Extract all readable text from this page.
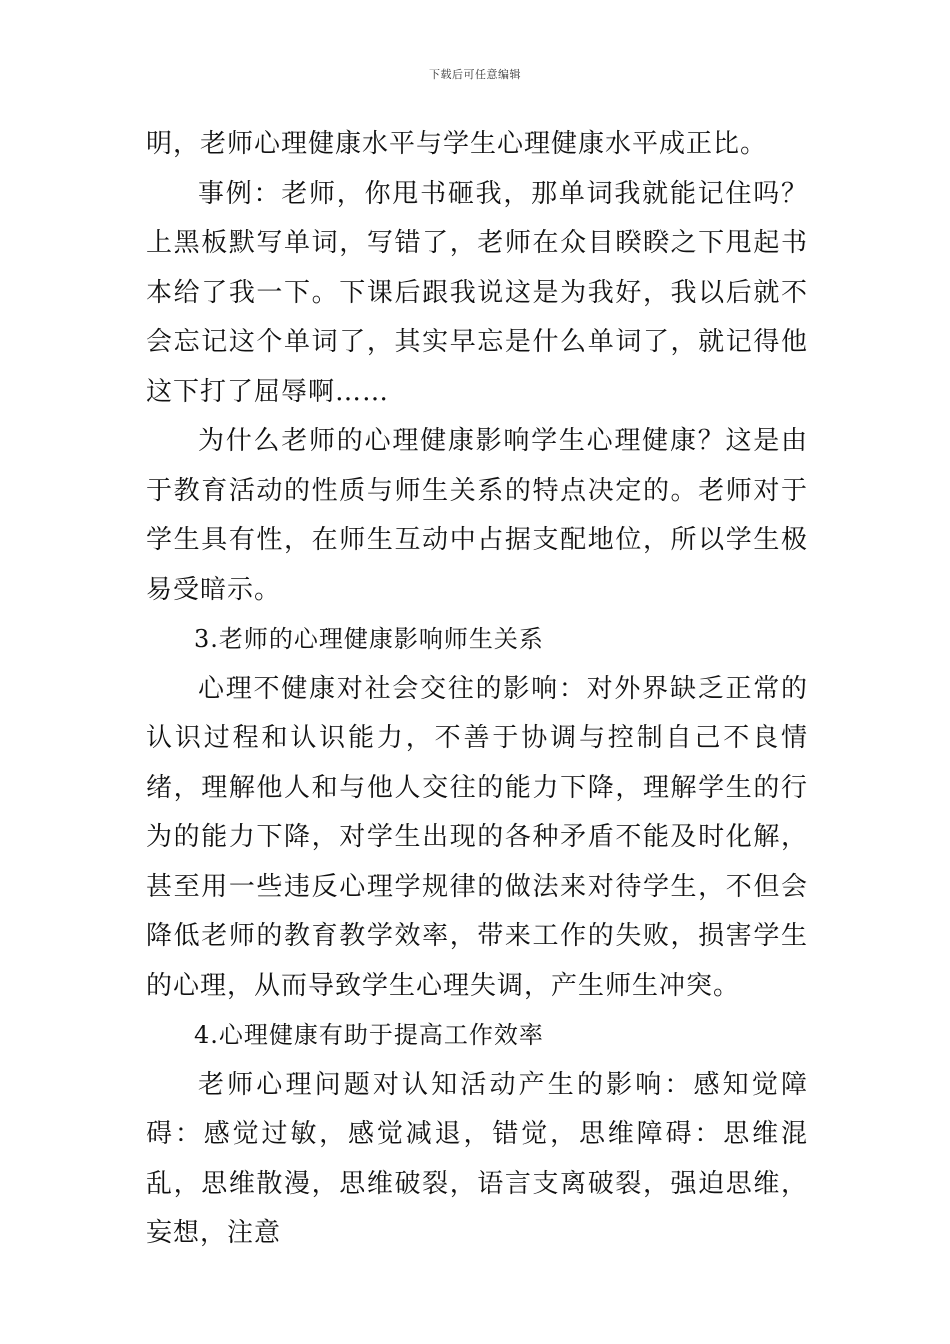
下载后可任意编辑

明，老师心理健康水平与学生心理健康水平成正比。

事例：老师，你甩书砸我，那单词我就能记住吗？上黑板默写单词，写错了，老师在众目睽睽之下甩起书本给了我一下。下课后跟我说这是为我好，我以后就不会忘记这个单词了，其实早忘是什么单词了，就记得他这下打了屈辱啊……

为什么老师的心理健康影响学生心理健康？这是由于教育活动的性质与师生关系的特点决定的。老师对于学生具有性，在师生互动中占据支配地位，所以学生极易受暗示。

3.老师的心理健康影响师生关系

心理不健康对社会交往的影响：对外界缺乏正常的认识过程和认识能力，不善于协调与控制自己不良情绪，理解他人和与他人交往的能力下降，理解学生的行为的能力下降，对学生出现的各种矛盾不能及时化解，甚至用一些违反心理学规律的做法来对待学生，不但会降低老师的教育教学效率，带来工作的失败，损害学生的心理，从而导致学生心理失调，产生师生冲突。

4.心理健康有助于提高工作效率

老师心理问题对认知活动产生的影响：感知觉障碍：感觉过敏，感觉减退，错觉，思维障碍：思维混乱，思维散漫，思维破裂，语言支离破裂，强迫思维，妄想，注意
